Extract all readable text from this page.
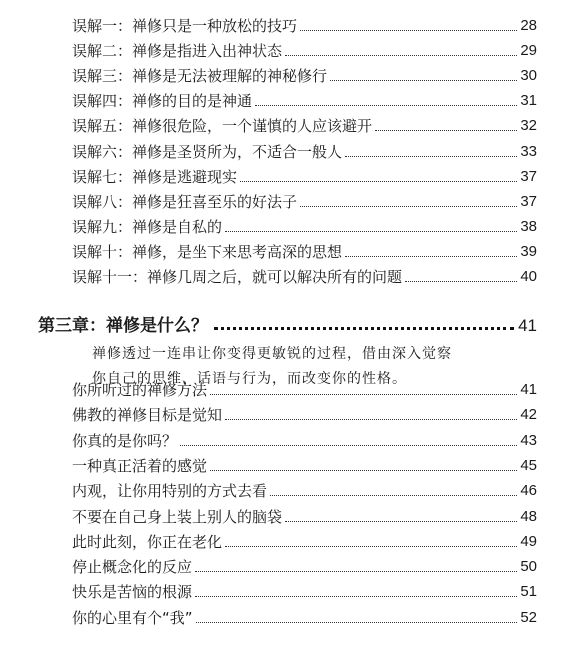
误解一：禅修只是一种放松的技巧	28
误解二：禅修是指进入出神状态	29
误解三：禅修是无法被理解的神秘修行	30
误解四：禅修的目的是神通	31
误解五：禅修很危险，一个谨慎的人应该避开	32
误解六：禅修是圣贤所为，不适合一般人	33
误解七：禅修是逃避现实	37
误解八：禅修是狂喜至乐的好法子	37
误解九：禅修是自私的	38
误解十：禅修，是坐下来思考高深的思想	39
误解十一：禅修几周之后，就可以解决所有的问题	40
第三章：禅修是什么？	41
禅修透过一连串让你变得更敏锐的过程，借由深入觉察
你自己的思维、话语与行为，而改变你的性格。
你所听过的禅修方法	41
佛教的禅修目标是觉知	42
你真的是你吗？	43
一种真正活着的感觉	45
内观，让你用特别的方式去看	46
不要在自己身上装上别人的脑袋	48
此时此刻，你正在老化	49
停止概念化的反应	50
快乐是苦恼的根源	51
你的心里有个“我”	52
